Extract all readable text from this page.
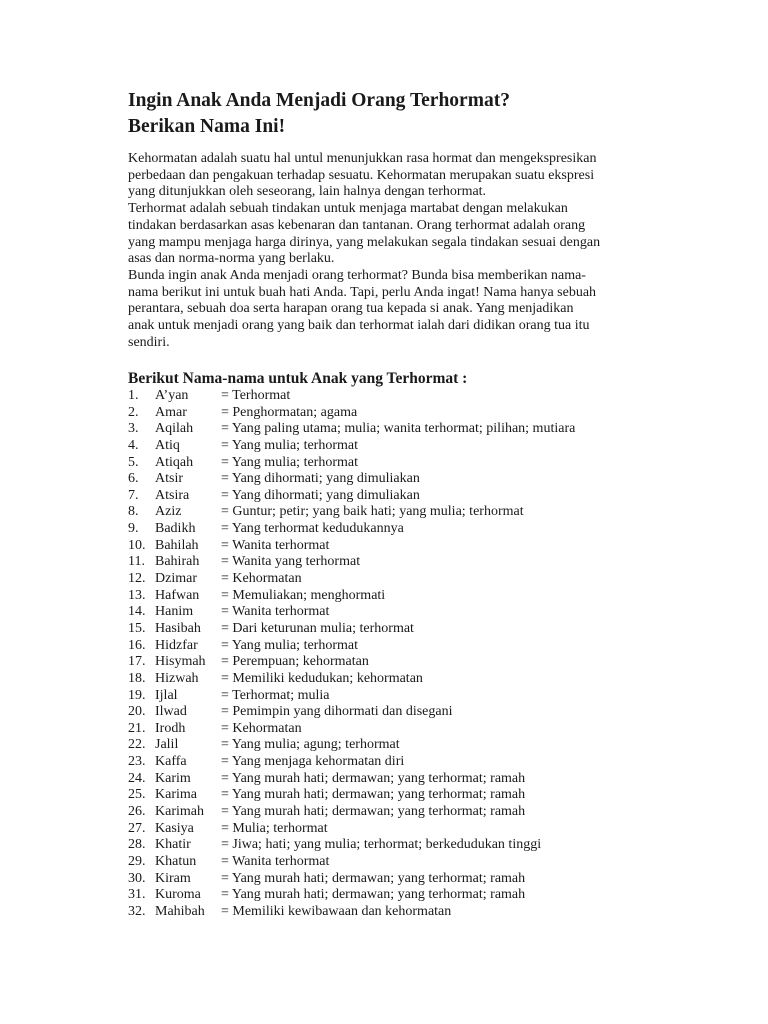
Ingin Anak Anda Menjadi Orang Terhormat?
Berikan Nama Ini!
Kehormatan adalah suatu hal untul menunjukkan rasa hormat dan mengekspresikan
perbedaan dan pengakuan terhadap sesuatu. Kehormatan merupakan suatu ekspresi
yang ditunjukkan oleh seseorang, lain halnya dengan terhormat.
Terhormat adalah sebuah tindakan untuk menjaga martabat dengan melakukan
tindakan berdasarkan asas kebenaran dan tantanan. Orang terhormat adalah orang
yang mampu menjaga harga dirinya, yang melakukan segala tindakan sesuai dengan
asas dan norma-norma yang berlaku.
Bunda ingin anak Anda menjadi orang terhormat? Bunda bisa memberikan nama-
nama berikut ini untuk buah hati Anda. Tapi, perlu Anda ingat! Nama hanya sebuah
perantara, sebuah doa serta harapan orang tua kepada si anak. Yang menjadikan
anak untuk menjadi orang yang baik dan terhormat ialah dari didikan orang tua itu
sendiri.
Berikut Nama-nama untuk Anak yang Terhormat :
1. A’yan = Terhormat
2. Amar = Penghormatan; agama
3. Aqilah = Yang paling utama; mulia; wanita terhormat; pilihan; mutiara
4. Atiq	= Yang mulia; terhormat
5. Atiqah = Yang mulia; terhormat
6. Atsir	= Yang dihormati; yang dimuliakan
7. Atsira = Yang dihormati; yang dimuliakan
8. Aziz	= Guntur; petir; yang baik hati; yang mulia; terhormat
9. Badikh = Yang terhormat kedudukannya
10. Bahilah = Wanita terhormat
11. Bahirah = Wanita yang terhormat
12. Dzimar = Kehormatan
13. Hafwan = Memuliakan; menghormati
14. Hanim = Wanita terhormat
15. Hasibah = Dari keturunan mulia; terhormat
16. Hidzfar = Yang mulia; terhormat
17. Hisymah = Perempuan; kehormatan
18. Hizwah = Memiliki kedudukan; kehormatan
19. Ijlal	= Terhormat; mulia
20. Ilwad = Pemimpin yang dihormati dan disegani
21. Irodh	= Kehormatan
22. Jalil	= Yang mulia; agung; terhormat
23. Kaffa = Yang menjaga kehormatan diri
24. Karim = Yang murah hati; dermawan; yang terhormat; ramah
25. Karima = Yang murah hati; dermawan; yang terhormat; ramah
26. Karimah = Yang murah hati; dermawan; yang terhormat; ramah
27. Kasiya = Mulia; terhormat
28. Khatir = Jiwa; hati; yang mulia; terhormat; berkedudukan tinggi
29. Khatun = Wanita terhormat
30. Kiram = Yang murah hati; dermawan; yang terhormat; ramah
31. Kuroma = Yang murah hati; dermawan; yang terhormat; ramah
32. Mahibah = Memiliki kewibawaan dan kehormatan
